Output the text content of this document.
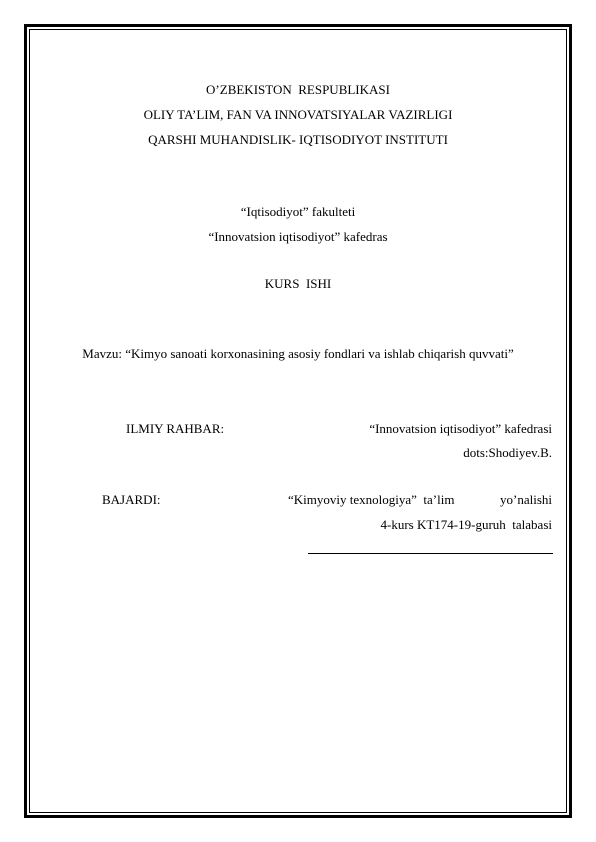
O’ZBEKISTON  RESPUBLIKASI
OLIY TA’LIM, FAN VA INNOVATSIYALAR VAZIRLIGI
QARSHI MUHANDISLIK- IQTISODIYOT INSTITUTI
“Iqtisodiyot” fakulteti
“Innovatsion iqtisodiyot” kafedras
KURS  ISHI
Mavzu: “Kimyo sanoati korxonasining asosiy fondlari va ishlab chiqarish quvvati”
ILMIY RAHBAR:	“Innovatsion iqtisodiyot” kafedrasi
dots:Shodiyev.B.
BAJARDI:	“Kimyoviy texnologiya”  ta’lim	yo’nalishi
4-kurs KT174-19-guruh  talabasi
